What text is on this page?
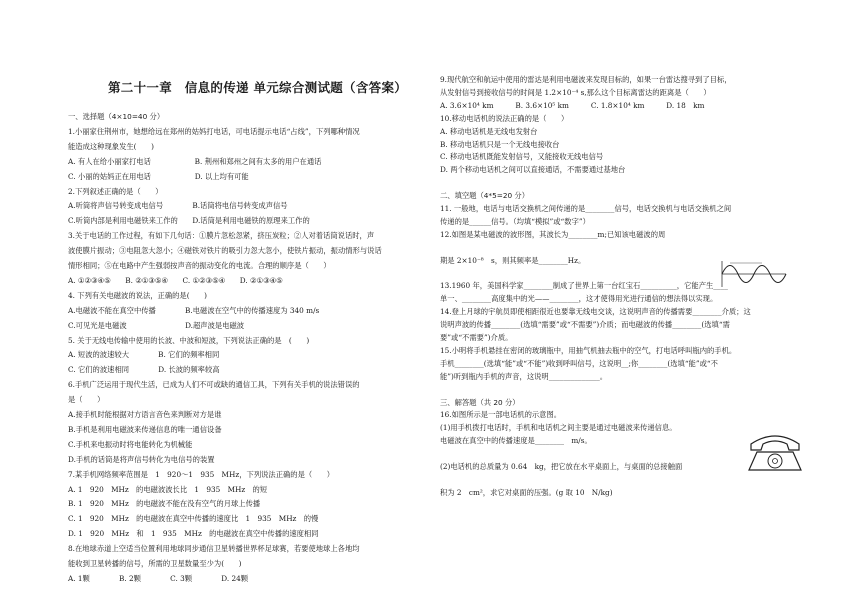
第二十一章　信息的传递 单元综合测试题（含答案）
一、选择题（4×10=40 分）
1.小丽家住荆州市，她想给远在郑州的姑妈打电话，可电话提示电话“占线”，下列哪种情况
能造成这种现象发生(　　)
A. 有人在给小丽家打电话　　　　　　B. 荆州和郑州之间有太多的用户在通话
C. 小丽的姑妈正在用电话　　　　　　D. 以上均有可能
2.下列叙述正确的是（　　）
A.听筒将声信号转变成电信号　　　　B.话筒将电信号转变成声信号
C.听筒内部是利用电磁铁来工作的　　D.话筒是利用电磁铁的原理来工作的
3.关于电话的工作过程，有如下几句话：①膜片忽松忽紧，挤压炭粒；②人对着话筒说话时，声
波使膜片振动；③电阻忽大忽小；④磁铁对铁片的吸引力忽大忽小，使铁片振动，振动情形与说话
情形相同；⑤在电路中产生强弱按声音的振动变化的电流。合理的顺序是（　　）
A. ①②③④⑤　　B. ②①③⑤④　　C. ①②③⑤④　　D. ②①③④⑤
4. 下列有关电磁波的说法，正确的是(　　)
A.电磁波不能在真空中传播　　　　B.电磁波在空气中的传播速度为 340 m/s
C.可见光是电磁波　　　　　　　　D.超声波是电磁波
5. 关于无线电传输中使用的长波、中波和短波，下列说法正确的是　(　　)
A. 短波的波速较大　　　　B. 它们的频率相同
C. 它们的波速相同　　　　D. 长波的频率较高
6.手机广泛运用于现代生活，已成为人们不可或缺的通信工具，下列有关手机的说法错误的
是（　　）
A.接手机时能根据对方语言音色来判断对方是谁
B.手机是利用电磁波来传递信息的唯一通信设备
C.手机来电振动时将电能转化为机械能
D.手机的话筒是将声信号转化为电信号的装置
7.某手机网络频率范围是　1　920～1　935　MHz，下列说法正确的是（　　）
A. 1　920　MHz　的电磁波波长比　1　935　MHz　的短
B. 1　920　MHz　的电磁波不能在没有空气的月球上传播
C. 1　920　MHz　的电磁波在真空中传播的速度比　1　935　MHz　的慢
D. 1　920　MHz　和　1　935　MHz　的电磁波在真空中传播的速度相同
8.在地球赤道上空适当位置利用地球同步通信卫星转播世界杯足球赛，若要使地球上各地均
能收到卫星转播的信号，所需的卫星数量至少为(　　)
A. 1颗　　　　B. 2颗　　　　C. 3颗　　　　D. 24颗
9.现代航空和航运中使用的雷达是利用电磁波来发现目标的，如果一台雷达搜寻到了目标，
从发射信号到接收信号的时间是 1.2×10⁻⁴ s,那么这个目标离雷达的距离是（　　）
A. 3.6×10⁴ km　　　B. 3.6×10⁵ km　　　C. 1.8×10⁴ km　　　D. 18　km
10.移动电话机的说法正确的是（　　）
A. 移动电话机是无线电发射台
B. 移动电话机只是一个无线电接收台
C. 移动电话机既能发射信号，又能接收无线电信号
D. 两个移动电话机之间可以直接通话，不需要通过基地台
二、填空题（4*5=20 分）
11. 一般地，电话与电话交换机之间传递的是________信号，电话交换机与电话交换机之间
传递的是______信号。（均填“模拟”或“数字”）
12.如图是某电磁波的波形图，其波长为________m;已知该电磁波的周
期是 2×10⁻⁸　s，则其频率是________Hz。
13.1960 年，美国科学家________制成了世界上第一台红宝石__________，它能产生____
单一、________高度集中的光——________，这才使得用光进行通信的想法得以实现。
14.登上月球的宇航员即使相距很近也要靠无线电交谈，这说明声音的传播需要________介质；这
说明声波的传播________(选填“需要”或“不需要”)介质；而电磁波的传播________(选填“需
要”或“不需要”)介质。
15.小明将手机悬挂在密闭的玻璃瓶中，用抽气机抽去瓶中的空气，打电话呼叫瓶内的手机。
手机________(选填“能”或“不能”)收到呼叫信号，这说明__;你________(选填“能”或“不
能”)听到瓶内手机的声音，这说明______________。
三、解答题（共 20 分）
16.如图所示是一部电话机的示意图。
(1)用手机拨打电话时，手机和电话机之间主要是通过电磁波来传递信息。
电磁波在真空中的传播速度是________　m/s。
(2)电话机的总质量为 0.64　kg，把它放在水平桌面上，与桌面的总接触面
积为 2　cm²，求它对桌面的压强。(g 取 10　N/kg)
